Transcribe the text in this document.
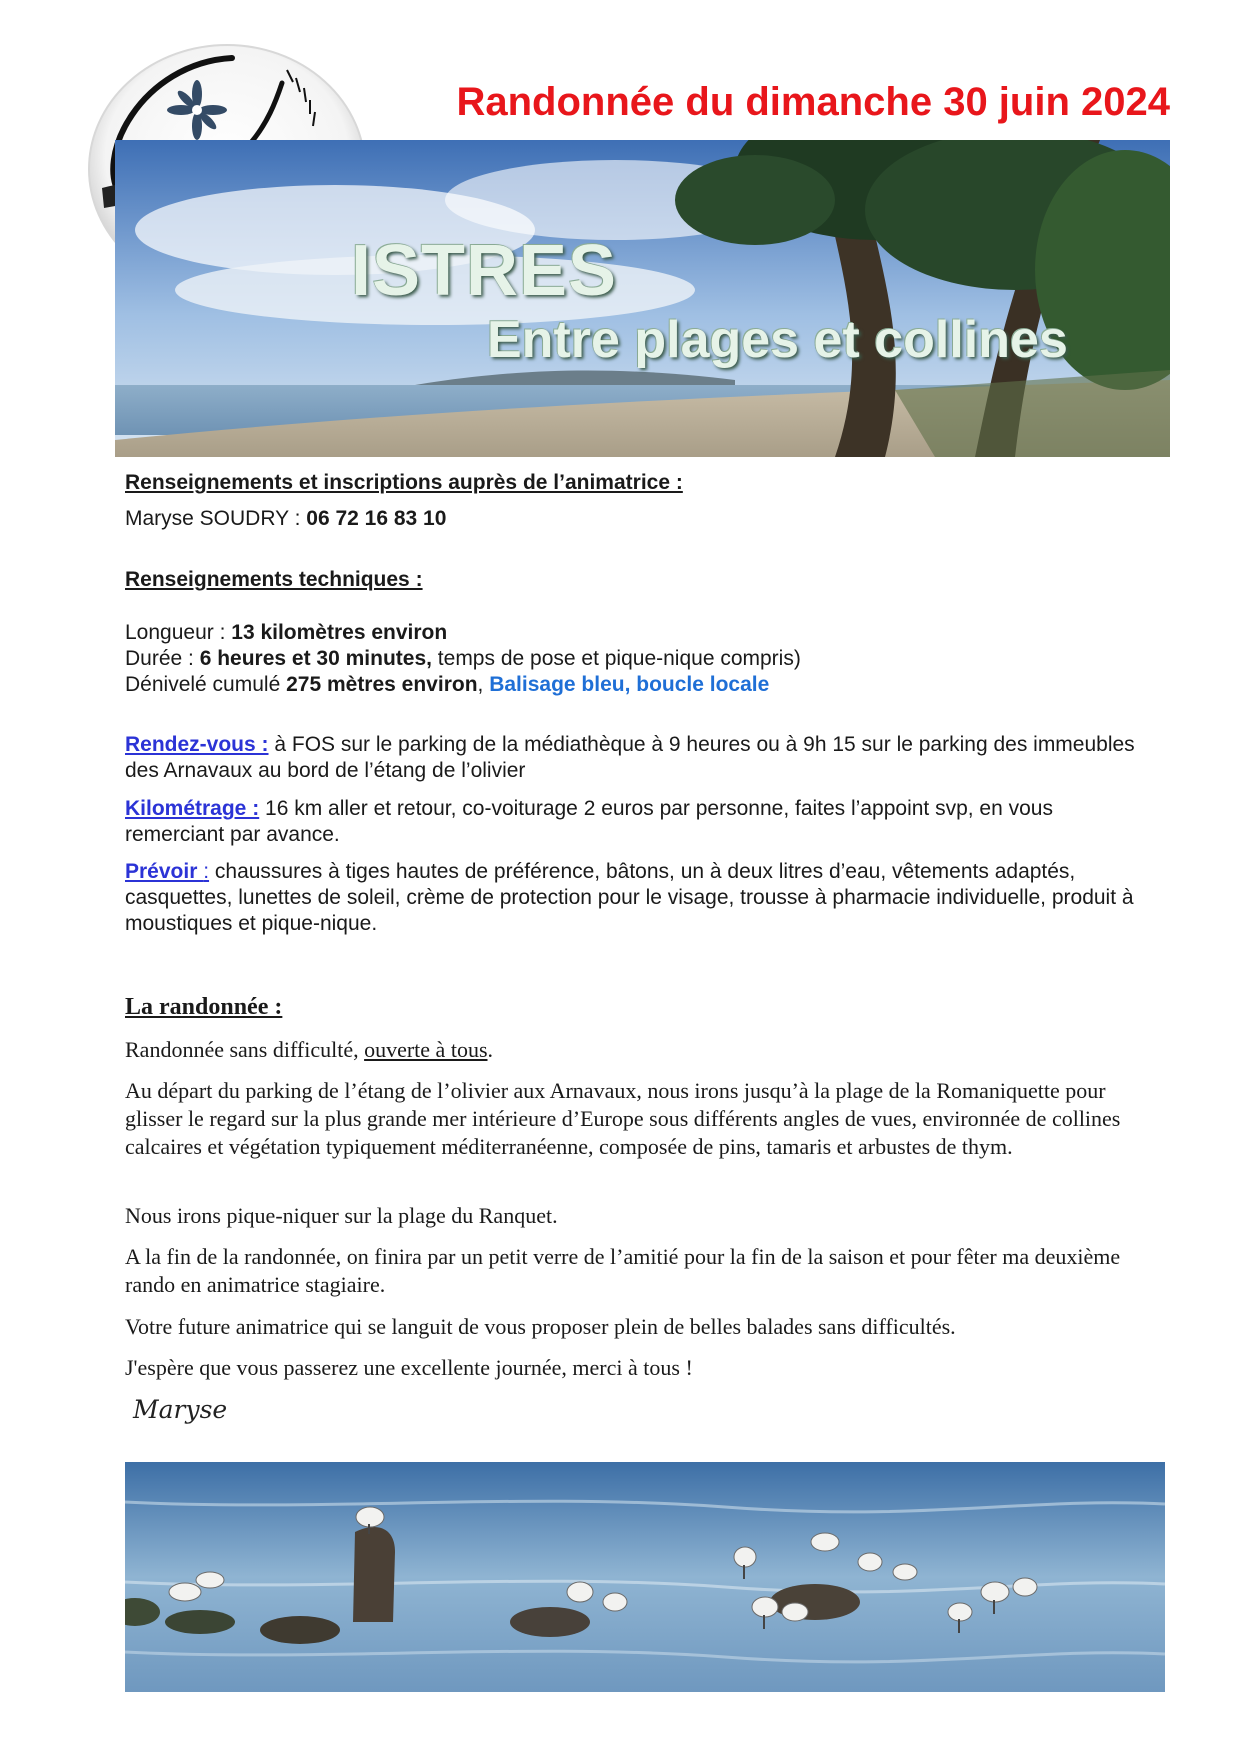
Randonnée du dimanche 30 juin 2024
ISTRES
Entre plages et collines

Renseignements et inscriptions auprès de l’animatrice :

Maryse SOUDRY : 06 72 16 83 10

Renseignements techniques :

Longueur : 13 kilomètres environ

Durée : 6 heures et 30 minutes, temps de pose et pique-nique compris)

Dénivelé cumulé 275 mètres environ, Balisage bleu, boucle locale

Rendez-vous : à FOS sur le parking de la médiathèque à 9 heures ou à 9h 15 sur le parking des immeubles des Arnavaux au bord de l’étang de l’olivier

Kilométrage : 16 km aller et retour, co-voiturage 2 euros par personne, faites l’appoint svp, en vous remerciant par avance.

Prévoir : chaussures à tiges hautes de préférence, bâtons, un à deux litres d’eau, vêtements adaptés, casquettes, lunettes de soleil, crème de protection pour le visage, trousse à pharmacie individuelle, produit à moustiques et pique-nique.

La randonnée :

Randonnée sans difficulté, ouverte à tous.

Au départ du parking de l’étang de l’olivier aux Arnavaux, nous irons jusqu’à la plage de la Romaniquette pour glisser le regard sur la plus grande mer intérieure d’Europe sous différents angles de vues, environnée de collines calcaires et végétation typiquement méditerranéenne, composée de pins, tamaris et arbustes de thym.

Nous irons pique-niquer sur la plage du Ranquet.

A la fin de la randonnée, on finira par un petit verre de l’amitié pour la fin de la saison et pour fêter ma deuxième rando en animatrice stagiaire.

Votre future animatrice qui se languit de vous proposer plein de belles balades sans difficultés.

J'espère que vous passerez une excellente journée, merci à tous !

Maryse
